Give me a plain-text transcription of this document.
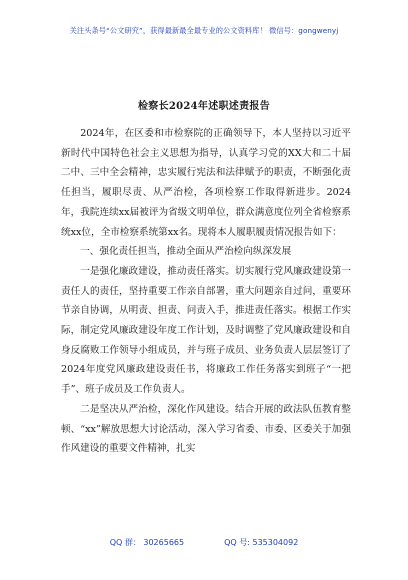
关注头条号“公文研究”，获得最新最全最专业的公文资料库！ 微信号：gongwenyj
检察长2024年述职述责报告

2024年，在区委和市检察院的正确领导下，本人坚持以习近平新时代中国特色社会主义思想为指导，认真学习党的XX大和二十届二中、三中全会精神，忠实履行宪法和法律赋予的职责，不断强化责任担当，履职尽责、从严治检，各项检察工作取得新进步。2024年，我院连续xx届被评为省级文明单位，群众满意度位列全省检察系统xx位，全市检察系统第xx名。现将本人履职履责情况报告如下：

一、强化责任担当，推动全面从严治检向纵深发展

一是强化廉政建设，推动责任落实。切实履行党风廉政建设第一责任人的责任，坚持重要工作亲自部署，重大问题亲自过问，重要环节亲自协调，从明责、担责、问责入手，推进责任落实。根据工作实际，制定党风廉政建设年度工作计划，及时调整了党风廉政建设和自身反腐败工作领导小组成员，并与班子成员、业务负责人层层签订了2024年度党风廉政建设责任书，将廉政工作任务落实到班子“一把手”、班子成员及工作负责人。

二是坚决从严治检，深化作风建设。结合开展的政法队伍教育整顿、“xx”解放思想大讨论活动，深入学习省委、市委、区委关于加强作风建设的重要文件精神，扎实

QQ 群： 30265665	QQ 号: 535304092
